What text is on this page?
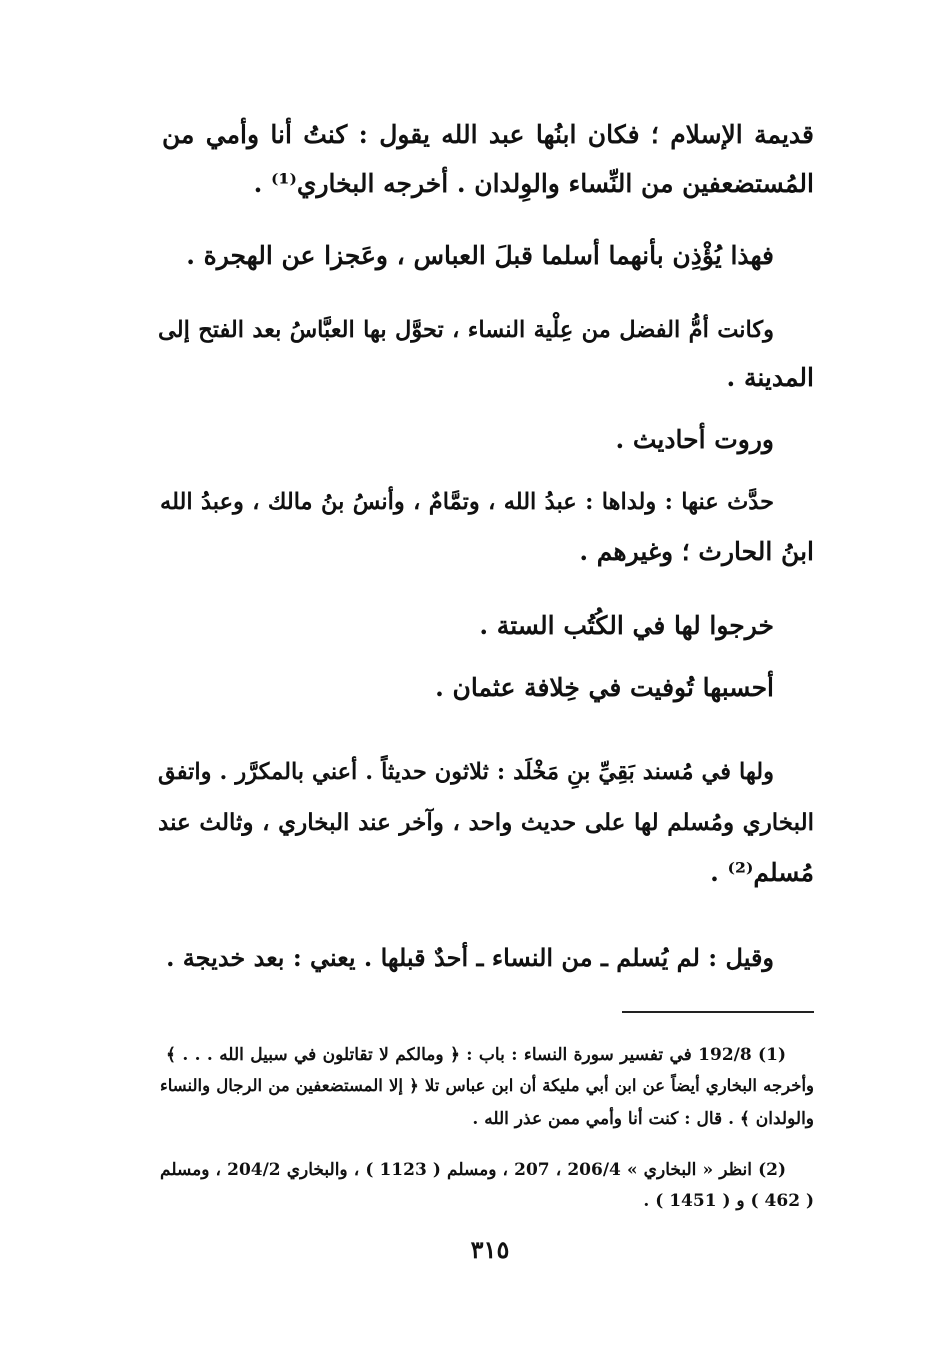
قديمة الإسلام ؛ فكان ابنُها عبد الله يقول : كنتُ أنا وأمي من
المُستضعفين من النِّساء والوِلدان . أخرجه البخاري⁽¹⁾ .
فهذا يُؤْذِن بأنهما أسلما قبلَ العباس ، وعَجزا عن الهجرة .
وكانت أمُّ الفضل من عِلْية النساء ، تحوَّل بها العبَّاسُ بعد الفتح إلى
المدينة .
وروت أحاديث .
حدَّث عنها : ولداها : عبدُ الله ، وتمَّامٌ ، وأنسُ بنُ مالك ، وعبدُ الله
ابنُ الحارث ؛ وغيرهم .
خرجوا لها في الكُتُب الستة .
أحسبها تُوفيت في خِلافة عثمان .
ولها في مُسند بَقِيِّ بنِ مَخْلَد : ثلاثون حديثاً . أعني بالمكرَّر . واتفق
البخاري ومُسلم لها على حديث واحد ، وآخر عند البخاري ، وثالث عند
مُسلم⁽²⁾ .
وقيل : لم يُسلم ـ من النساء ـ أحدٌ قبلها . يعني : بعد خديجة .
(1) 192/8 في تفسير سورة النساء : باب : ﴿ ومالكم لا تقاتلون في سبيل الله . . . ﴾
وأخرجه البخاري أيضاً عن ابن أبي مليكة أن ابن عباس تلا ﴿ إلا المستضعفين من الرجال والنساء
والولدان ﴾ . قال : كنت أنا وأمي ممن عذر الله .
(2) انظر « البخاري » 206/4 ، 207 ، ومسلم ( 1123 ) ، والبخاري 204/2 ، ومسلم
( 462 ) و ( 1451 ) .
٣١٥
